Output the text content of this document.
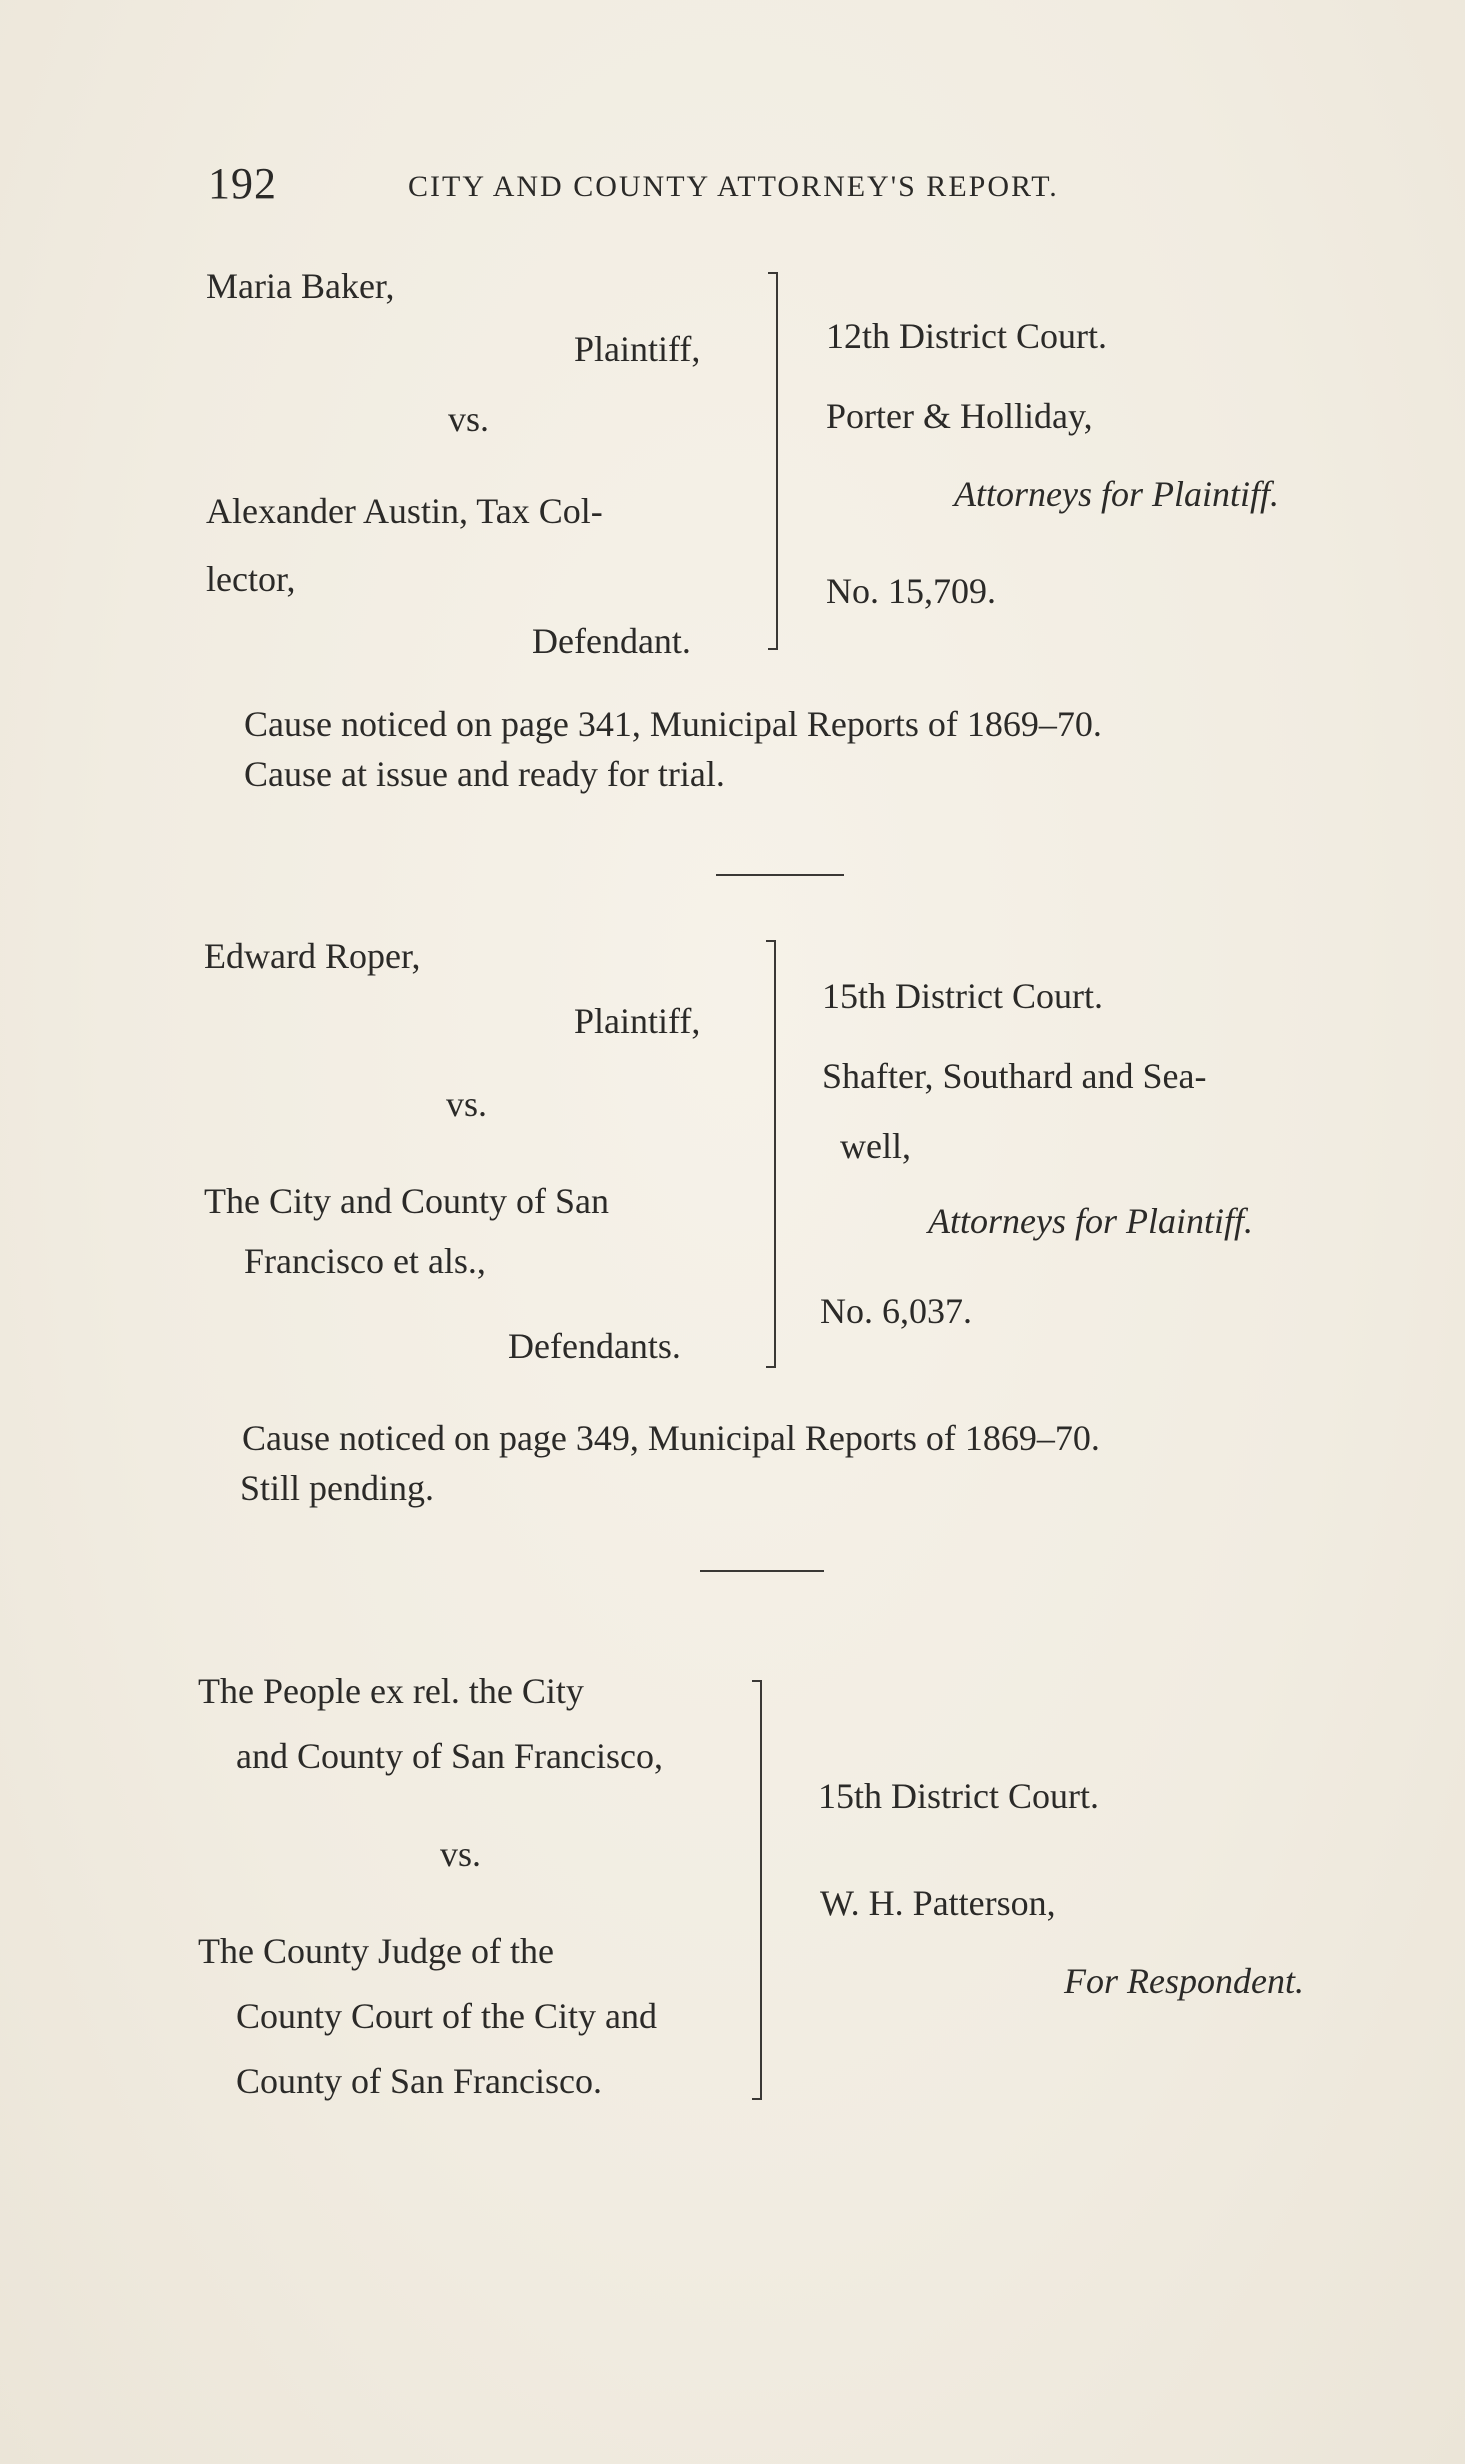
192	CITY AND COUNTY ATTORNEY'S REPORT.
Maria Baker,
Plaintiff,
vs.
Alexander Austin, Tax Col-
lector,
Defendant.
12th District Court.
Porter & Holliday,
Attorneys for Plaintiff.
No. 15,709.
Cause noticed on page 341, Municipal Reports of 1869–70.
Cause at issue and ready for trial.
Edward Roper,
Plaintiff,
vs.
The City and County of San
Francisco et als.,
Defendants.
15th District Court.
Shafter, Southard and Sea-
well,
Attorneys for Plaintiff.
No. 6,037.
Cause noticed on page 349, Municipal Reports of 1869–70.
Still pending.
The People ex rel. the City
and County of San Francisco,
vs.
The County Judge of the
County Court of the City and
County of San Francisco.
15th District Court.
W. H. Patterson,
For Respondent.
